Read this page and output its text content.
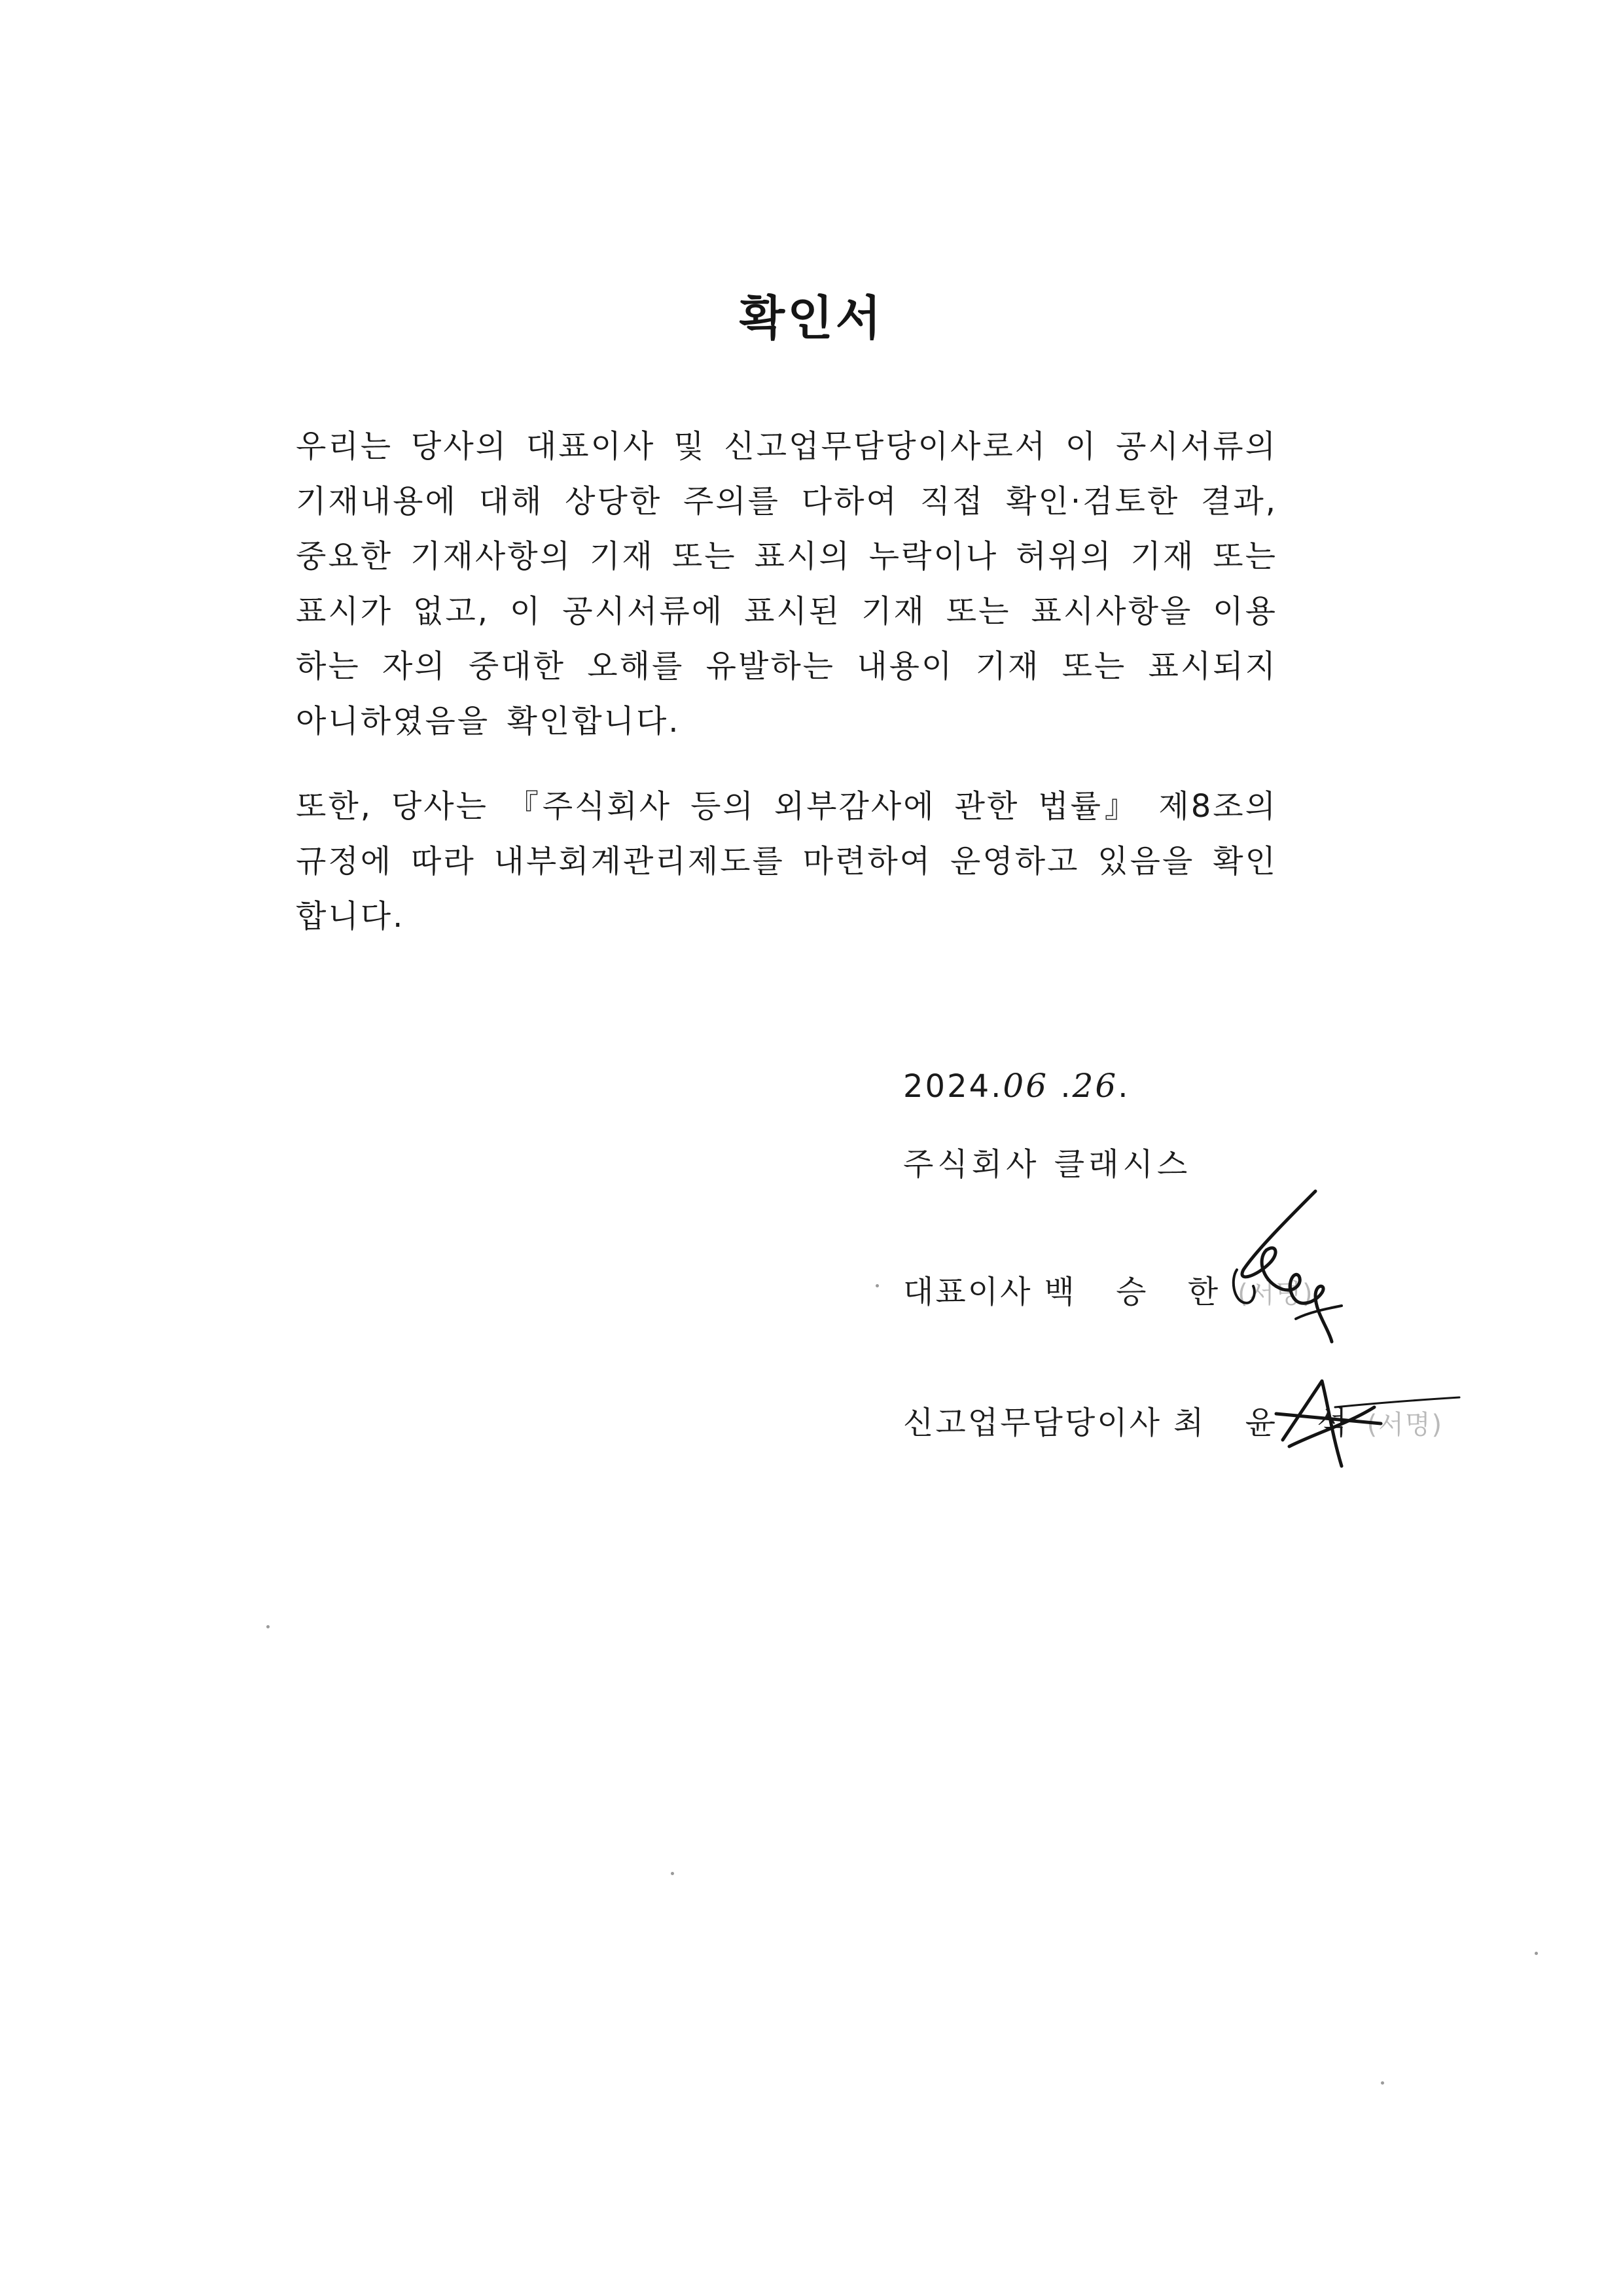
확인서
우리는 당사의 대표이사 및 신고업무담당이사로서 이 공시서류의 기재내용에 대해 상당한 주의를 다하여 직접 확인·검토한 결과, 중요한 기재사항의 기재 또는 표시의 누락이나 허위의 기재 또는 표시가 없고, 이 공시서류에 표시된 기재 또는 표시사항을 이용하는 자의 중대한 오해를 유발하는 내용이 기재 또는 표시되지 아니하였음을 확인합니다.
또한, 당사는 『주식회사 등의 외부감사에 관한 법률』 제8조의 규정에 따라 내부회계관리제도를 마련하여 운영하고 있음을 확인합니다.
2024.06 .26.
주식회사 클래시스
대표이사 백 승 한 (서명)
신고업무담당이사 최 윤 석 (서명)
